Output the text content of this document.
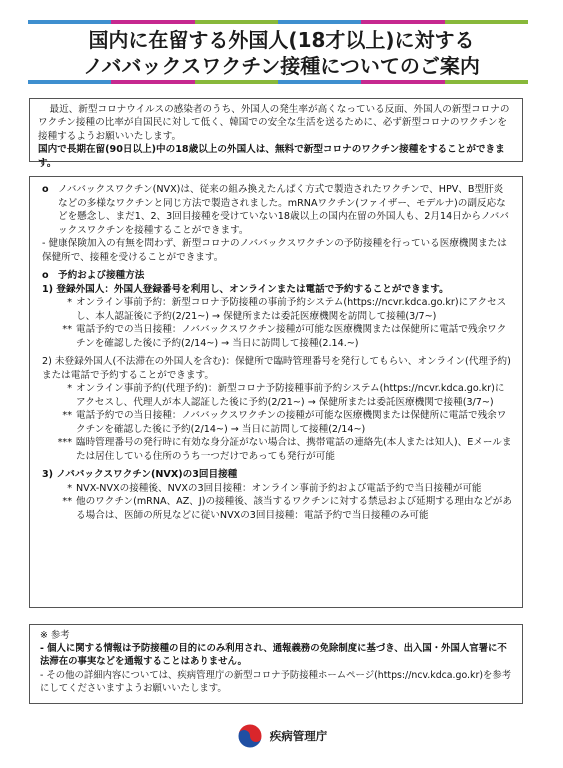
国内に在留する外国人(18才以上)に対する
ノババックスワクチン接種についてのご案内
最近、新型コロナウイルスの感染者のうち、外国人の発生率が高くなっている反面、外国人の新型コロナのワクチン接種の比率が自国民に対して低く、韓国での安全な生活を送るために、必ず新型コロナのワクチンを接種するようお願いいたします。
国内で長期在留(90日以上)中の18歳以上の外国人は、無料で新型コロナのワクチン接種をすることができます。
o ノババックスワクチン(NVX)は、従来の組み換えたんぱく方式で製造されたワクチンで、HPV、B型肝炎などの多様なワクチンと同じ方法で製造されました。mRNAワクチン(ファイザー、モデルナ)の副反応などを懸念し、まだ1、2、3回目接種を受けていない18歳以上の国内在留の外国人も、2月14日からノババックスワクチンを接種することができます。

- 健康保険加入の有無を問わず、新型コロナのノババックスワクチンの予防接種を行っている医療機関または保健所で、接種を受けることができます。

o 予約および接種方法

1) 登録外国人：外国人登録番号を利用し、オンラインまたは電話で予約することができます。

* オンライン事前予約：新型コロナ予防接種の事前予約システム(https://ncvr.kdca.go.kr)にアクセスし、本人認証後に予約(2/21~) → 保健所または委託医療機関を訪問して接種(3/7~)
** 電話予約での当日接種：ノババックスワクチン接種が可能な医療機関または保健所に電話で残余ワクチンを確認した後に予約(2/14~) → 当日に訪問して接種(2.14.~)

2) 未登録外国人(不法滞在の外国人を含む)：保健所で臨時管理番号を発行してもらい、オンライン(代理予約)または電話で予約することができます。

* オンライン事前予約(代理予約)：新型コロナ予防接種事前予約システム(https://ncvr.kdca.go.kr)にアクセスし、代理人が本人認証した後に予約(2/21~) → 保健所または委託医療機関で接種(3/7~)
** 電話予約での当日接種：ノババックスワクチンの接種が可能な医療機関または保健所に電話で残余ワクチンを確認した後に予約(2/14~) → 当日に訪問して接種(2/14~)
*** 臨時管理番号の発行時に有効な身分証がない場合は、携帯電話の連絡先(本人または知人)、Eメールまたは居住している住所のうち一つだけであっても発行が可能

3) ノババックスワクチン(NVX)の3回目接種

* NVX-NVXの接種後、NVXの3回目接種：オンライン事前予約および電話予約で当日接種が可能
** 他のワクチン(mRNA、AZ、J)の接種後、該当するワクチンに対する禁忌および延期する理由などがある場合は、医師の所見などに従いNVXの3回目接種：電話予約で当日接種のみ可能
※ 参考
- 個人に関する情報は予防接種の目的にのみ利用され、通報義務の免除制度に基づき、出入国・外国人官署に不法滞在の事実などを通報することはありません。
- その他の詳細内容については、疾病管理庁の新型コロナ予防接種ホームページ(https://ncv.kdca.go.kr)を参考にしてくださいますようお願いいたします。
疾病管理庁
